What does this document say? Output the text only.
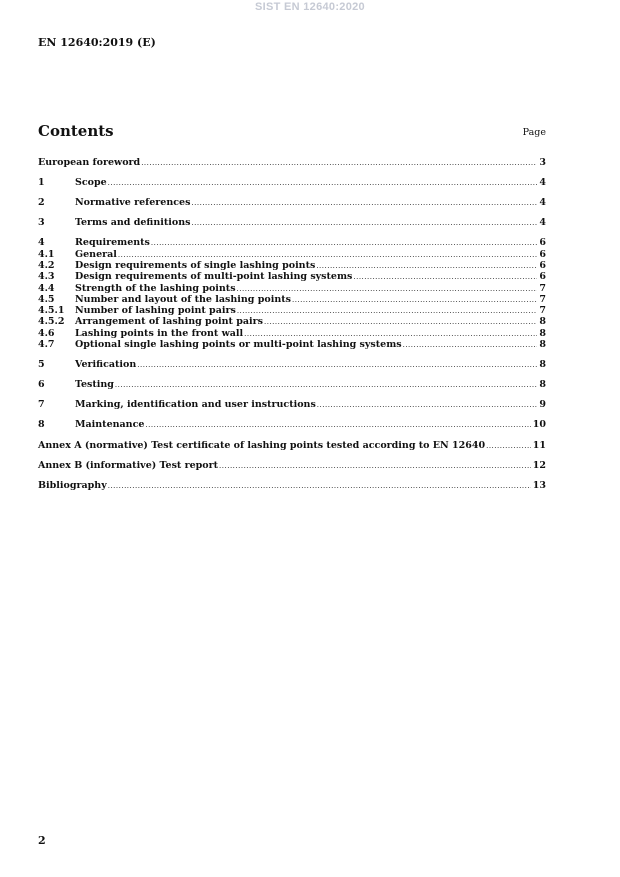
SIST EN 12640:2020
EN 12640:2019 (E)
Contents	Page
European foreword .....	3
1	Scope .....	4
2	Normative references .....	4
3	Terms and definitions .....	4
4	Requirements .....	6
4.1	General .....	6
4.2	Design requirements of single lashing points .....	6
4.3	Design requirements of multi-point lashing systems .....	6
4.4	Strength of the lashing points .....	7
4.5	Number and layout of the lashing points .....	7
4.5.1	Number of lashing point pairs .....	7
4.5.2	Arrangement of lashing point pairs .....	8
4.6	Lashing points in the front wall .....	8
4.7	Optional single lashing points or multi-point lashing systems .....	8
5	Verification .....	8
6	Testing .....	8
7	Marking, identification and user instructions .....	9
8	Maintenance .....	10
Annex A (normative) Test certificate of lashing points tested according to EN 12640 .....	11
Annex B (informative) Test report .....	12
Bibliography .....	13
2
